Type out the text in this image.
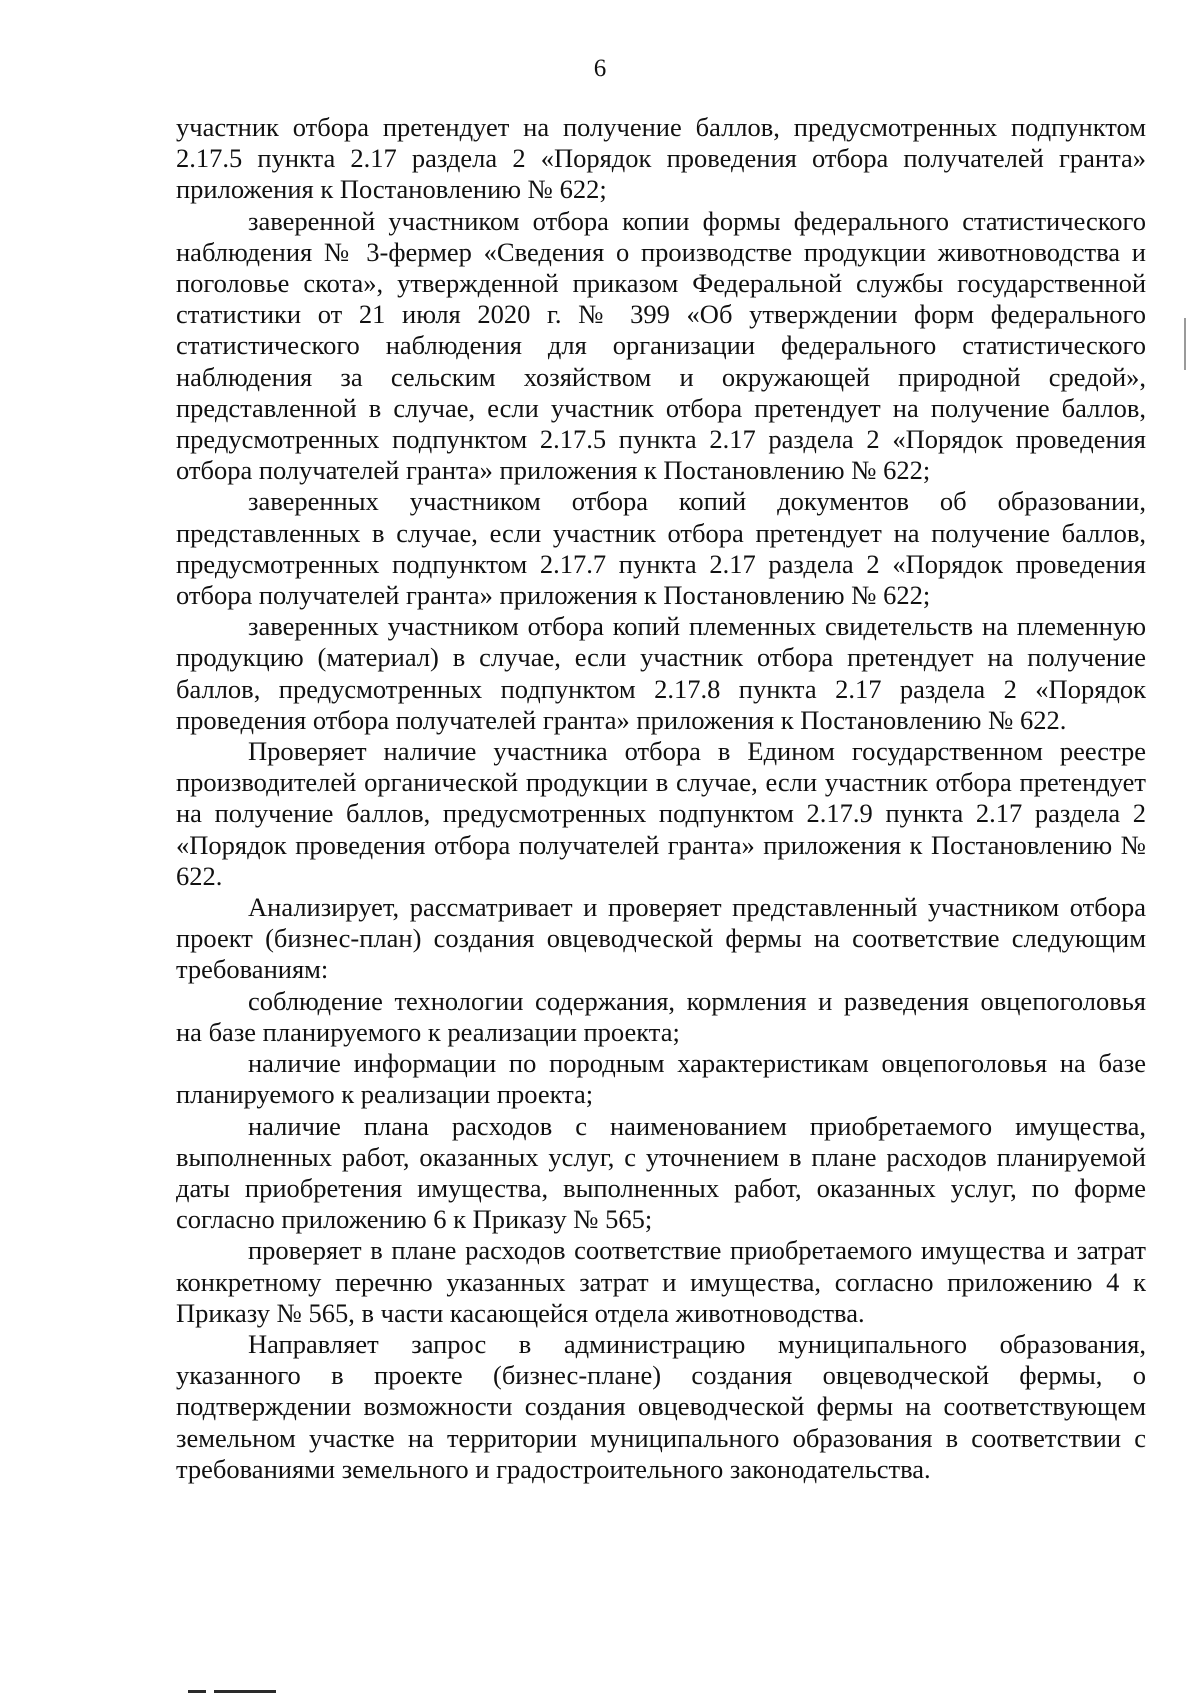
6

участник отбора претендует на получение баллов, предусмотренных подпунктом 2.17.5 пункта 2.17 раздела 2 «Порядок проведения отбора получателей гранта» приложения к Постановлению № 622;

заверенной участником отбора копии формы федерального статистического наблюдения № 3-фермер «Сведения о производстве продукции животноводства и поголовье скота», утвержденной приказом Федеральной службы государственной статистики от 21 июля 2020 г. № 399 «Об утверждении форм федерального статистического наблюдения для организации федерального статистического наблюдения за сельским хозяйством и окружающей природной средой», представленной в случае, если участник отбора претендует на получение баллов, предусмотренных подпунктом 2.17.5 пункта 2.17 раздела 2 «Порядок проведения отбора получателей гранта» приложения к Постановлению № 622;

заверенных участником отбора копий документов об образовании, представленных в случае, если участник отбора претендует на получение баллов, предусмотренных подпунктом 2.17.7 пункта 2.17 раздела 2 «Порядок проведения отбора получателей гранта» приложения к Постановлению № 622;

заверенных участником отбора копий племенных свидетельств на племенную продукцию (материал) в случае, если участник отбора претендует на получение баллов, предусмотренных подпунктом 2.17.8 пункта 2.17 раздела 2 «Порядок проведения отбора получателей гранта» приложения к Постановлению № 622.

Проверяет наличие участника отбора в Едином государственном реестре производителей органической продукции в случае, если участник отбора претендует на получение баллов, предусмотренных подпунктом 2.17.9 пункта 2.17 раздела 2 «Порядок проведения отбора получателей гранта» приложения к Постановлению № 622.

Анализирует, рассматривает и проверяет представленный участником отбора проект (бизнес-план) создания овцеводческой фермы на соответствие следующим требованиям:

соблюдение технологии содержания, кормления и разведения овцепоголовья на базе планируемого к реализации проекта;

наличие информации по породным характеристикам овцепоголовья на базе планируемого к реализации проекта;

наличие плана расходов с наименованием приобретаемого имущества, выполненных работ, оказанных услуг, с уточнением в плане расходов планируемой даты приобретения имущества, выполненных работ, оказанных услуг, по форме согласно приложению 6 к Приказу № 565;

проверяет в плане расходов соответствие приобретаемого имущества и затрат конкретному перечню указанных затрат и имущества, согласно приложению 4 к Приказу № 565, в части касающейся отдела животноводства.

Направляет запрос в администрацию муниципального образования, указанного в проекте (бизнес-плане) создания овцеводческой фермы, о подтверждении возможности создания овцеводческой фермы на соответствующем земельном участке на территории муниципального образования в соответствии с требованиями земельного и градостроительного законодательства.
